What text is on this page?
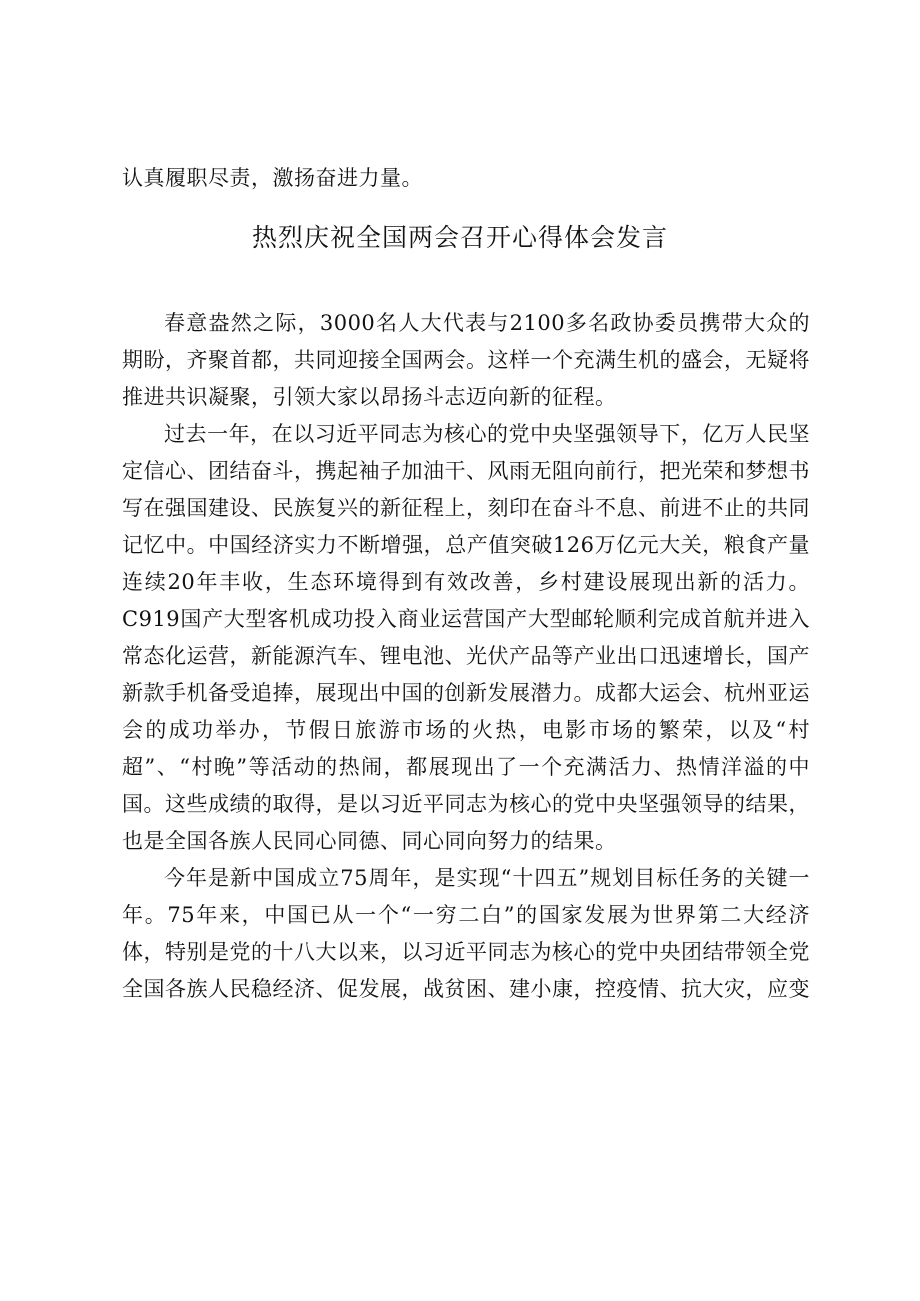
认真履职尽责，激扬奋进力量。
热烈庆祝全国两会召开心得体会发言

春意盎然之际，3000名人大代表与2100多名政协委员携带大众的期盼，齐聚首都，共同迎接全国两会。这样一个充满生机的盛会，无疑将推进共识凝聚，引领大家以昂扬斗志迈向新的征程。

过去一年，在以习近平同志为核心的党中央坚强领导下，亿万人民坚定信心、团结奋斗，携起袖子加油干、风雨无阻向前行，把光荣和梦想书写在强国建设、民族复兴的新征程上，刻印在奋斗不息、前进不止的共同记忆中。中国经济实力不断增强，总产值突破126万亿元大关，粮食产量连续20年丰收，生态环境得到有效改善，乡村建设展现出新的活力。C919国产大型客机成功投入商业运营国产大型邮轮顺利完成首航并进入常态化运营，新能源汽车、锂电池、光伏产品等产业出口迅速增长，国产新款手机备受追捧，展现出中国的创新发展潜力。成都大运会、杭州亚运会的成功举办，节假日旅游市场的火热，电影市场的繁荣，以及“村超”、“村晚”等活动的热闹，都展现出了一个充满活力、热情洋溢的中国。这些成绩的取得，是以习近平同志为核心的党中央坚强领导的结果，也是全国各族人民同心同德、同心同向努力的结果。

今年是新中国成立75周年，是实现“十四五”规划目标任务的关键一年。75年来，中国已从一个“一穷二白”的国家发展为世界第二大经济体，特别是党的十八大以来，以习近平同志为核心的党中央团结带领全党全国各族人民稳经济、促发展，战贫困、建小康，控疫情、抗大灾，应变
